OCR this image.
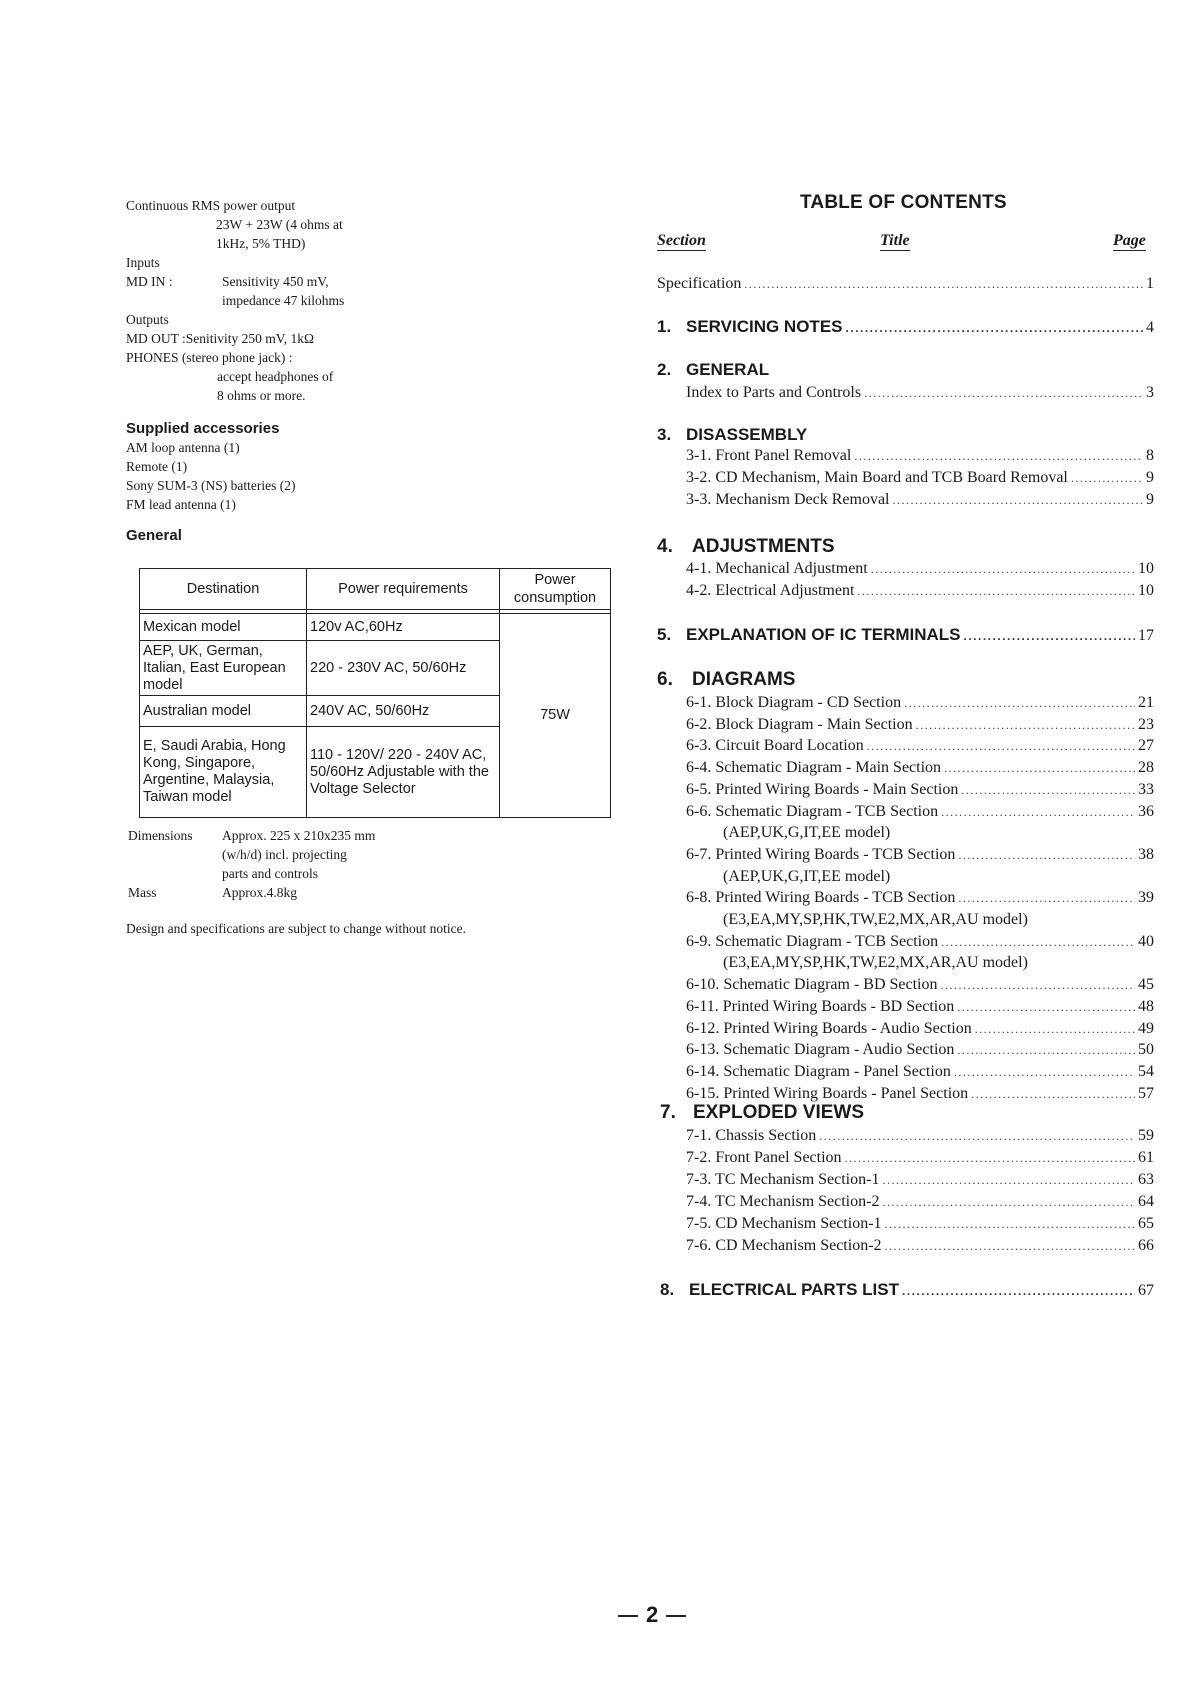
Continuous RMS power output
23W + 23W (4 ohms at
1kHz, 5% THD)
Inputs
MD IN :	Sensitivity 450 mV,
impedance 47 kilohms
Outputs
MD OUT :Senitivity 250 mV, 1kΩ
PHONES (stereo phone jack) :
accept headphones of
8 ohms or more.
Supplied accessories
AM loop antenna (1)
Remote (1)
Sony SUM-3 (NS) batteries (2)
FM lead antenna (1)
General
Destination	Power requirements	Power consumption

Mexican model	120v AC,60Hz	75W
AEP, UK, German, Italian, East European model	220 - 230V AC, 50/60Hz	
Australian model	240V AC, 50/60Hz	
E, Saudi Arabia, Hong Kong, Singapore, Argentine, Malaysia, Taiwan model	110 - 120V/ 220 - 240V AC, 50/60Hz Adjustable with the Voltage Selector	
Dimensions Approx. 225 x 210x235 mm
(w/h/d) incl. projecting
parts and controls
Mass	Approx.4.8kg
Design and specifications are subject to change without notice.
TABLE OF CONTENTS
Section	Title	Page
Specification .....	1
1. SERVICING NOTES .....	4
2. GENERAL
Index to Parts and Controls .....	3
3. DISASSEMBLY
3-1. Front Panel Removal .....	8
3-2. CD Mechanism, Main Board and TCB Board Removal .....	9
3-3. Mechanism Deck Removal .....	9
4.	ADJUSTMENTS
4-1. Mechanical Adjustment .....	10
4-2. Electrical Adjustment .....	10
5. EXPLANATION OF IC TERMINALS .....	17
6.	DIAGRAMS
6-1. Block Diagram - CD Section .....	21
6-2. Block Diagram - Main Section .....	23
6-3. Circuit Board Location .....	27
6-4. Schematic Diagram - Main Section .....	28
6-5. Printed Wiring Boards - Main Section .....	33
6-6. Schematic Diagram - TCB Section .....	36
(AEP,UK,G,IT,EE model)
6-7. Printed Wiring Boards - TCB Section .....	38
(AEP,UK,G,IT,EE model)
6-8. Printed Wiring Boards - TCB Section .....	39
(E3,EA,MY,SP,HK,TW,E2,MX,AR,AU model)
6-9. Schematic Diagram - TCB Section .....	40
(E3,EA,MY,SP,HK,TW,E2,MX,AR,AU model)
6-10. Schematic Diagram - BD Section .....	45
6-11. Printed Wiring Boards - BD Section .....	48
6-12. Printed Wiring Boards - Audio Section .....	49
6-13. Schematic Diagram - Audio Section .....	50
6-14. Schematic Diagram - Panel Section .....	54
6-15. Printed Wiring Boards - Panel Section .....	57
7. EXPLODED VIEWS
7-1. Chassis Section .....	59
7-2. Front Panel Section .....	61
7-3. TC Mechanism Section-1 .....	63
7-4. TC Mechanism Section-2 .....	64
7-5. CD Mechanism Section-1 .....	65
7-6. CD Mechanism Section-2 .....	66
8. ELECTRICAL PARTS LIST .....	67
2
